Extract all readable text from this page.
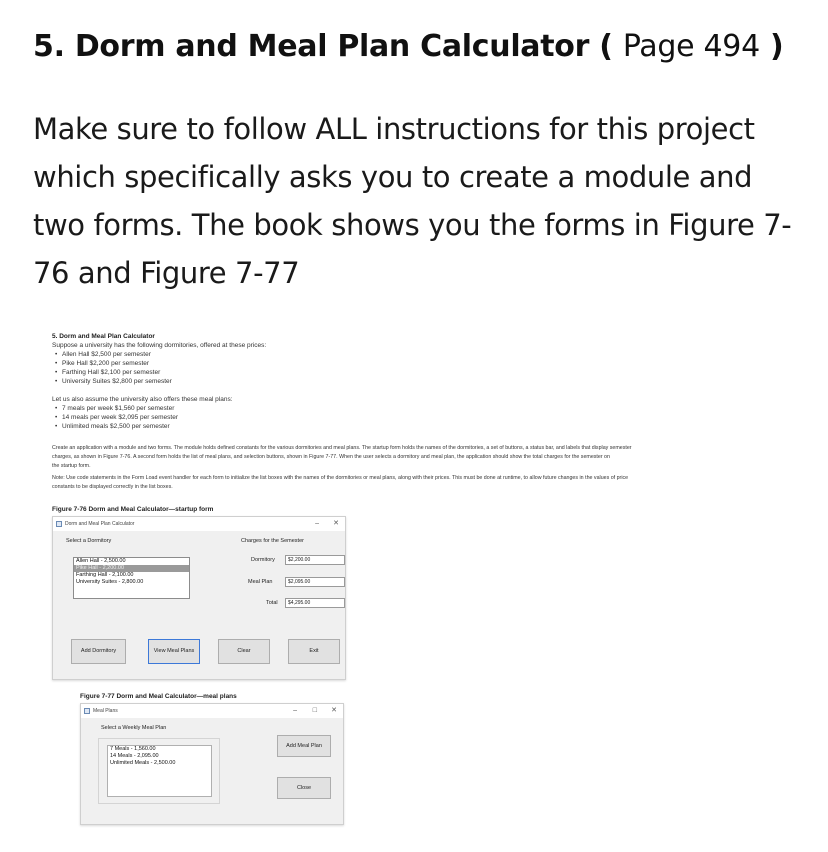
5. Dorm and Meal Plan Calculator ( Page 494 )
Make sure to follow ALL instructions for this project which specifically asks you to create a module and two forms. The book shows you the forms in Figure 7-76 and Figure 7-77
5. Dorm and Meal Plan Calculator
Suppose a university has the following dormitories, offered at these prices:
• Allen Hall $2,500 per semester
• Pike Hall $2,200 per semester
• Farthing Hall $2,100 per semester
• University Suites $2,800 per semester
Let us also assume the university also offers these meal plans:
• 7 meals per week $1,560 per semester
• 14 meals per week $2,095 per semester
• Unlimited meals $2,500 per semester
Create an application with a module and two forms. The module holds defined constants for the various dormitories and meal plans. The startup form holds the names of the dormitories, a set of buttons, a status bar, and labels that display semester
charges, as shown in Figure 7-76. A second form holds the list of meal plans, and selection buttons, shown in Figure 7-77. When the user selects a dormitory and meal plan, the application should show the total charges for the semester on
the startup form.
Note: Use code statements in the Form Load event handler for each form to initialize the list boxes with the names of the dormitories or meal plans, along with their prices. This must be done at runtime, to allow future changes in the values of price
constants to be displayed correctly in the list boxes.
Figure 7-76 Dorm and Meal Calculator—startup form
Dorm and Meal Plan Calculator	– ✕
Select a Dormitory
Allen Hall - 2,500.00
Pike Hall - 2,200.00
Farthing Hall - 2,100.00
University Suites - 2,800.00
Charges for the Semester
Dormitory	$2,200.00
Meal Plan	$2,095.00
Total	$4,295.00
Add Dormitory	View Meal Plans	Clear	Exit
Figure 7-77 Dorm and Meal Calculator—meal plans
Meal Plans	– □ ✕
Select a Weekly Meal Plan
7 Meals - 1,560.00
14 Meals - 2,095.00
Unlimited Meals - 2,500.00
Add Meal Plan
Close
